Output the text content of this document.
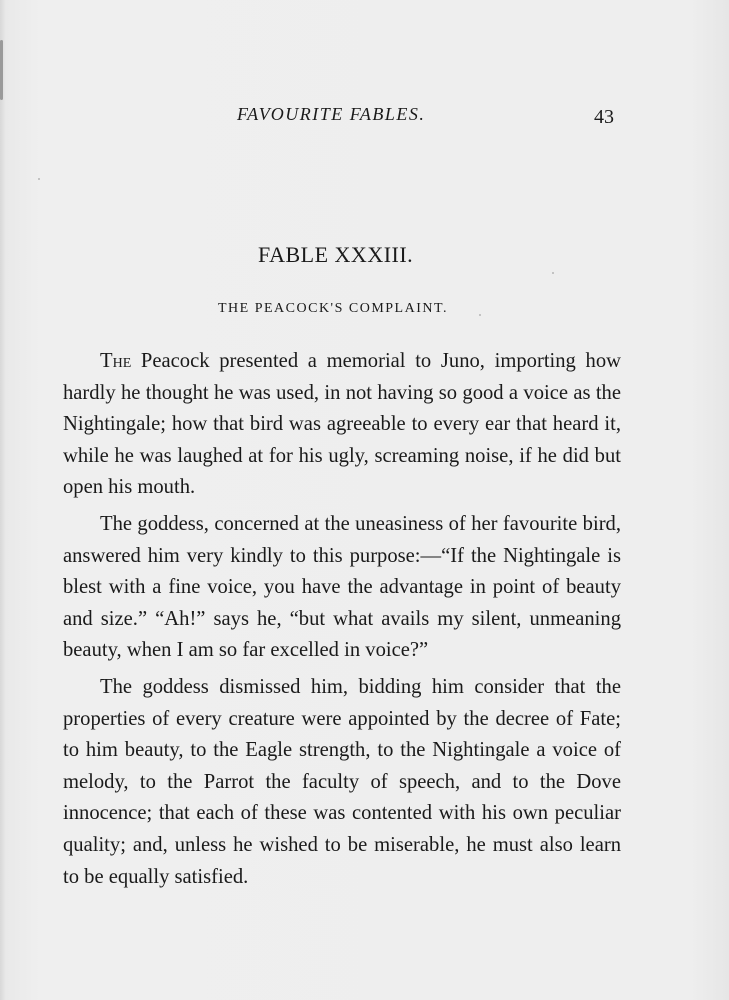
FAVOURITE FABLES.	43
FABLE XXXIII.
THE PEACOCK'S COMPLAINT.

The Peacock presented a memorial to Juno, importing how hardly he thought he was used, in not having so good a voice as the Nightingale; how that bird was agreeable to every ear that heard it, while he was laughed at for his ugly, screaming noise, if he did but open his mouth.

The goddess, concerned at the uneasiness of her favourite bird, answered him very kindly to this purpose:—“If the Nightingale is blest with a fine voice, you have the advantage in point of beauty and size.” “Ah!” says he, “but what avails my silent, unmeaning beauty, when I am so far excelled in voice?”

The goddess dismissed him, bidding him consider that the properties of every creature were appointed by the decree of Fate; to him beauty, to the Eagle strength, to the Nightingale a voice of melody, to the Parrot the faculty of speech, and to the Dove innocence; that each of these was contented with his own peculiar quality; and, unless he wished to be miserable, he must also learn to be equally satisfied.
